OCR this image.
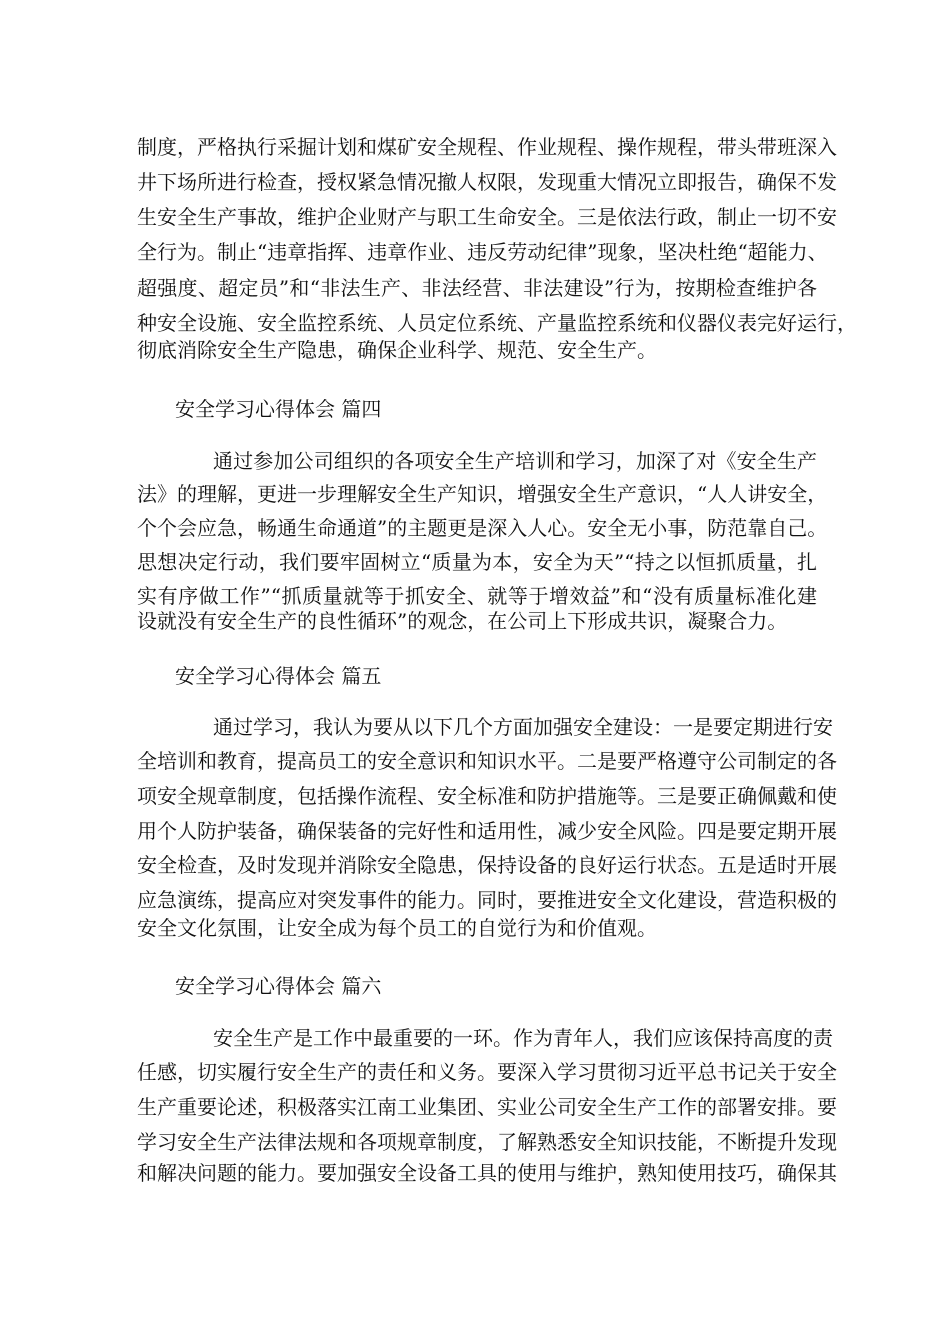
制度，严格执行采掘计划和煤矿安全规程、作业规程、操作规程，带头带班深入
井下场所进行检查，授权紧急情况撤人权限，发现重大情况立即报告，确保不发
生安全生产事故，维护企业财产与职工生命安全。三是依法行政，制止一切不安
全行为。制止“违章指挥、违章作业、违反劳动纪律”现象，坚决杜绝“超能力、
超强度、超定员”和“非法生产、非法经营、非法建设”行为，按期检查维护各
种安全设施、安全监控系统、人员定位系统、产量监控系统和仪器仪表完好运行，
彻底消除安全生产隐患，确保企业科学、规范、安全生产。
安全学习心得体会 篇四
通过参加公司组织的各项安全生产培训和学习，加深了对《安全生产
法》的理解，更进一步理解安全生产知识，增强安全生产意识，“人人讲安全，
个个会应急，畅通生命通道”的主题更是深入人心。安全无小事，防范靠自己。
思想决定行动，我们要牢固树立“质量为本，安全为天”“持之以恒抓质量，扎
实有序做工作”“抓质量就等于抓安全、就等于增效益”和“没有质量标准化建
设就没有安全生产的良性循环”的观念，在公司上下形成共识，凝聚合力。
安全学习心得体会 篇五
通过学习，我认为要从以下几个方面加强安全建设：一是要定期进行安
全培训和教育，提高员工的安全意识和知识水平。二是要严格遵守公司制定的各
项安全规章制度，包括操作流程、安全标准和防护措施等。三是要正确佩戴和使
用个人防护装备，确保装备的完好性和适用性，减少安全风险。四是要定期开展
安全检查，及时发现并消除安全隐患，保持设备的良好运行状态。五是适时开展
应急演练，提高应对突发事件的能力。同时，要推进安全文化建设，营造积极的
安全文化氛围，让安全成为每个员工的自觉行为和价值观。
安全学习心得体会 篇六
安全生产是工作中最重要的一环。作为青年人，我们应该保持高度的责
任感，切实履行安全生产的责任和义务。要深入学习贯彻习近平总书记关于安全
生产重要论述，积极落实江南工业集团、实业公司安全生产工作的部署安排。要
学习安全生产法律法规和各项规章制度，了解熟悉安全知识技能，不断提升发现
和解决问题的能力。要加强安全设备工具的使用与维护，熟知使用技巧，确保其
